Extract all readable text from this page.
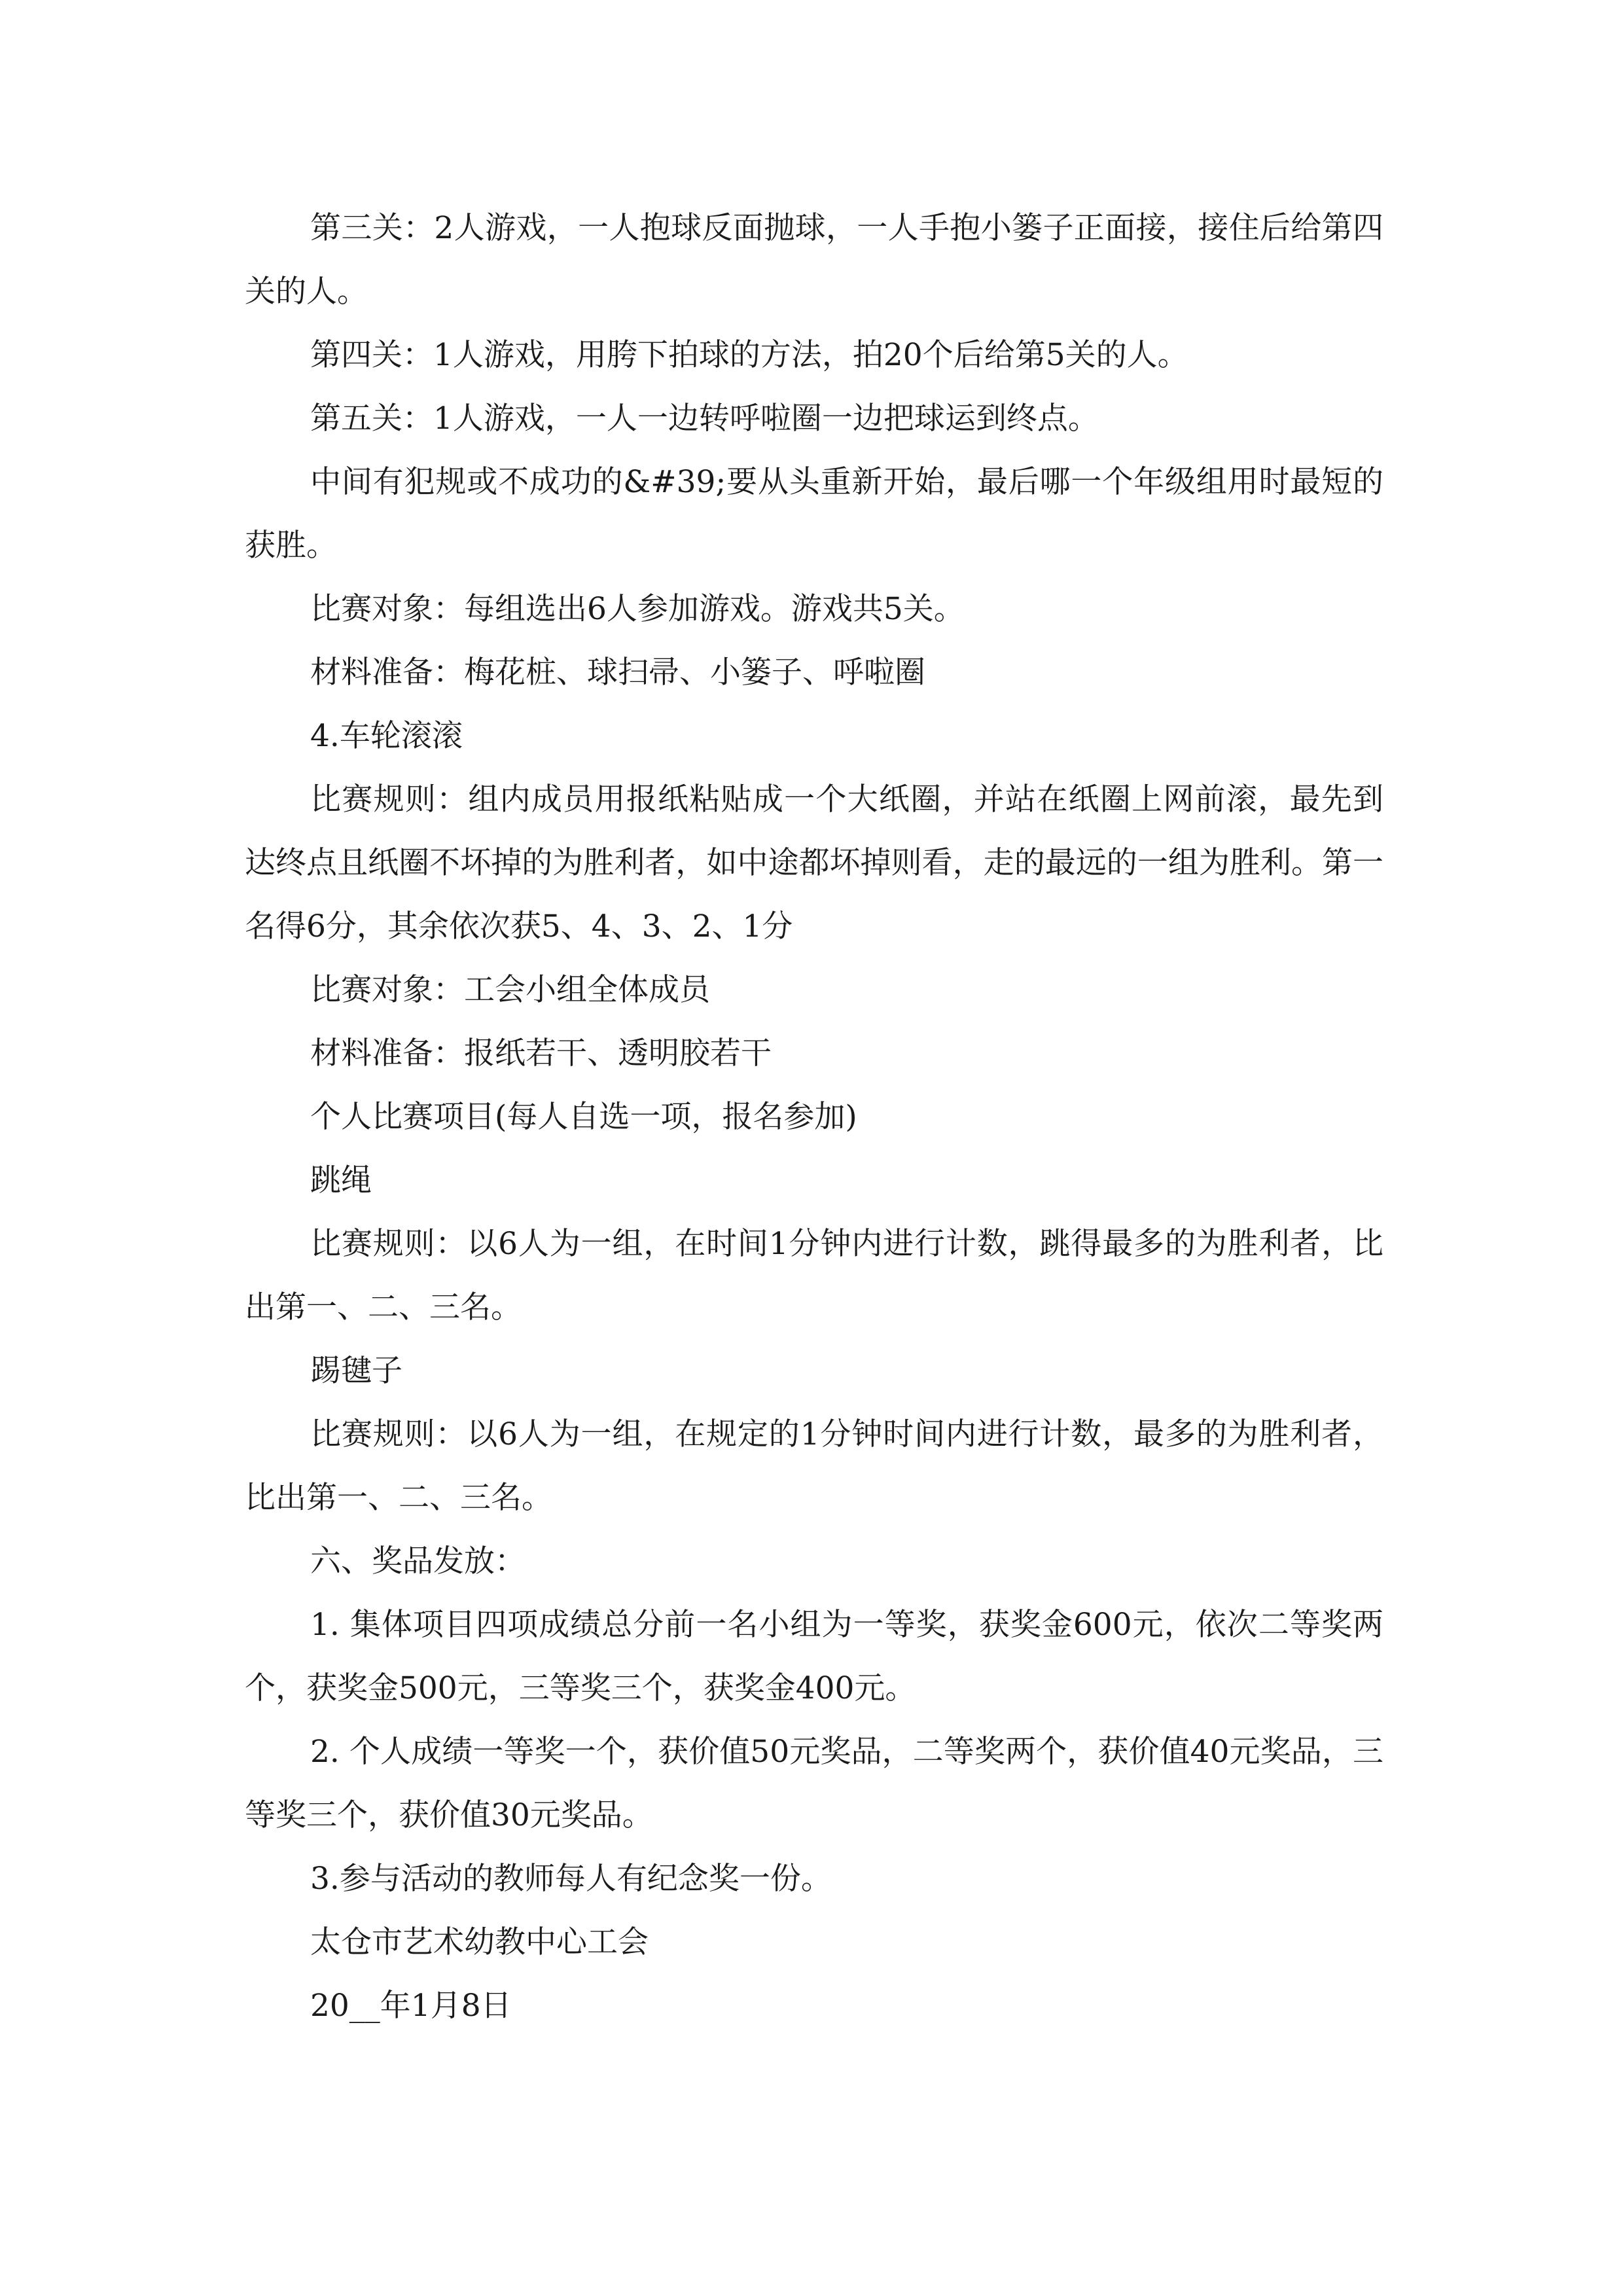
第三关：2人游戏，一人抱球反面抛球，一人手抱小篓子正面接，接住后给第四关的人。

第四关：1人游戏，用胯下拍球的方法，拍20个后给第5关的人。

第五关：1人游戏，一人一边转呼啦圈一边把球运到终点。

中间有犯规或不成功的&#39;要从头重新开始，最后哪一个年级组用时最短的获胜。

比赛对象：每组选出6人参加游戏。游戏共5关。

材料准备：梅花桩、球扫帚、小篓子、呼啦圈

4.车轮滚滚

比赛规则：组内成员用报纸粘贴成一个大纸圈，并站在纸圈上网前滚，最先到达终点且纸圈不坏掉的为胜利者，如中途都坏掉则看，走的最远的一组为胜利。第一名得6分，其余依次获5、4、3、2、1分

比赛对象：工会小组全体成员

材料准备：报纸若干、透明胶若干

个人比赛项目(每人自选一项，报名参加)

跳绳

比赛规则：以6人为一组，在时间1分钟内进行计数，跳得最多的为胜利者，比出第一、二、三名。

踢毽子

比赛规则：以6人为一组，在规定的1分钟时间内进行计数，最多的为胜利者，比出第一、二、三名。

六、奖品发放：

1. 集体项目四项成绩总分前一名小组为一等奖，获奖金600元，依次二等奖两个，获奖金500元，三等奖三个，获奖金400元。

2. 个人成绩一等奖一个，获价值50元奖品，二等奖两个，获价值40元奖品，三等奖三个，获价值30元奖品。

3.参与活动的教师每人有纪念奖一份。

太仓市艺术幼教中心工会

20__年1月8日
